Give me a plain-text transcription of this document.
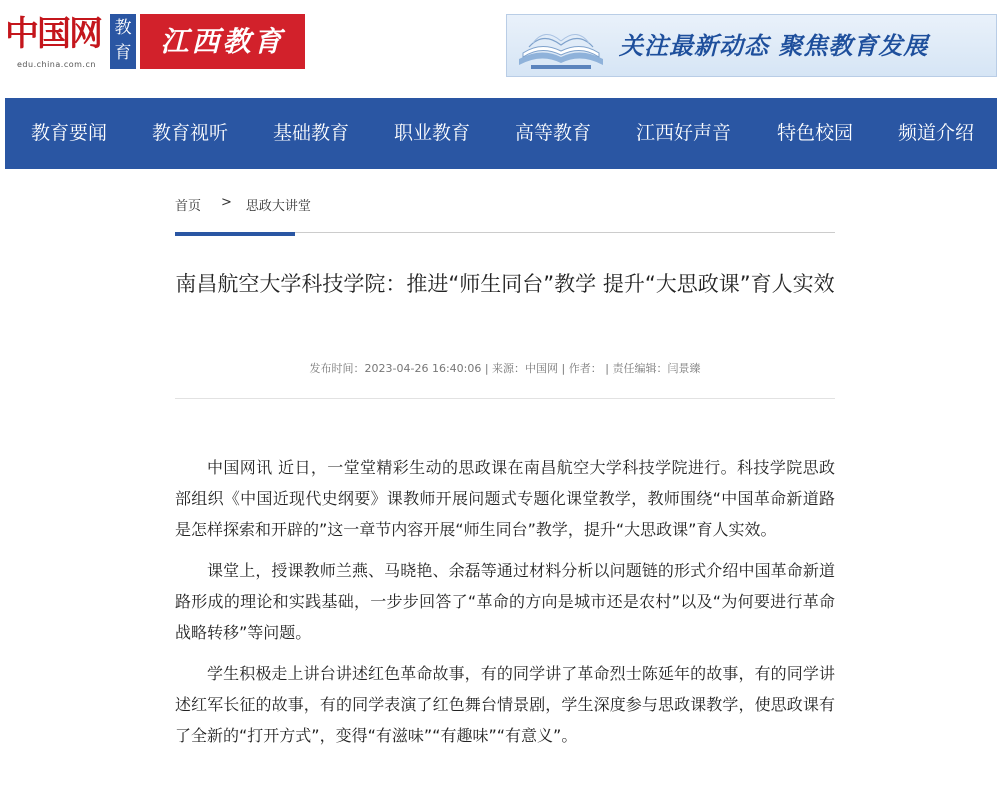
中国网
edu.china.com.cn
教育	江西教育	关注最新动态 聚焦教育发展
教育要闻 教育视听 基础教育 职业教育 高等教育 江西好声音 特色校园 频道介绍
首页 > 思政大讲堂
南昌航空大学科技学院：推进“师生同台”教学 提升“大思政课”育人实效
发布时间：2023-04-26 16:40:06 | 来源：中国网 | 作者： | 责任编辑：闫景臻

中国网讯 近日，一堂堂精彩生动的思政课在南昌航空大学科技学院进行。科技学院思政部组织《中国近现代史纲要》课教师开展问题式专题化课堂教学，教师围绕“中国革命新道路是怎样探索和开辟的”这一章节内容开展“师生同台”教学，提升“大思政课”育人实效。

课堂上，授课教师兰燕、马晓艳、余磊等通过材料分析以问题链的形式介绍中国革命新道路形成的理论和实践基础，一步步回答了“革命的方向是城市还是农村”以及“为何要进行革命战略转移”等问题。

学生积极走上讲台讲述红色革命故事，有的同学讲了革命烈士陈延年的故事，有的同学讲述红军长征的故事，有的同学表演了红色舞台情景剧，学生深度参与思政课教学，使思政课有了全新的“打开方式”，变得“有滋味”“有趣味”“有意义”。
